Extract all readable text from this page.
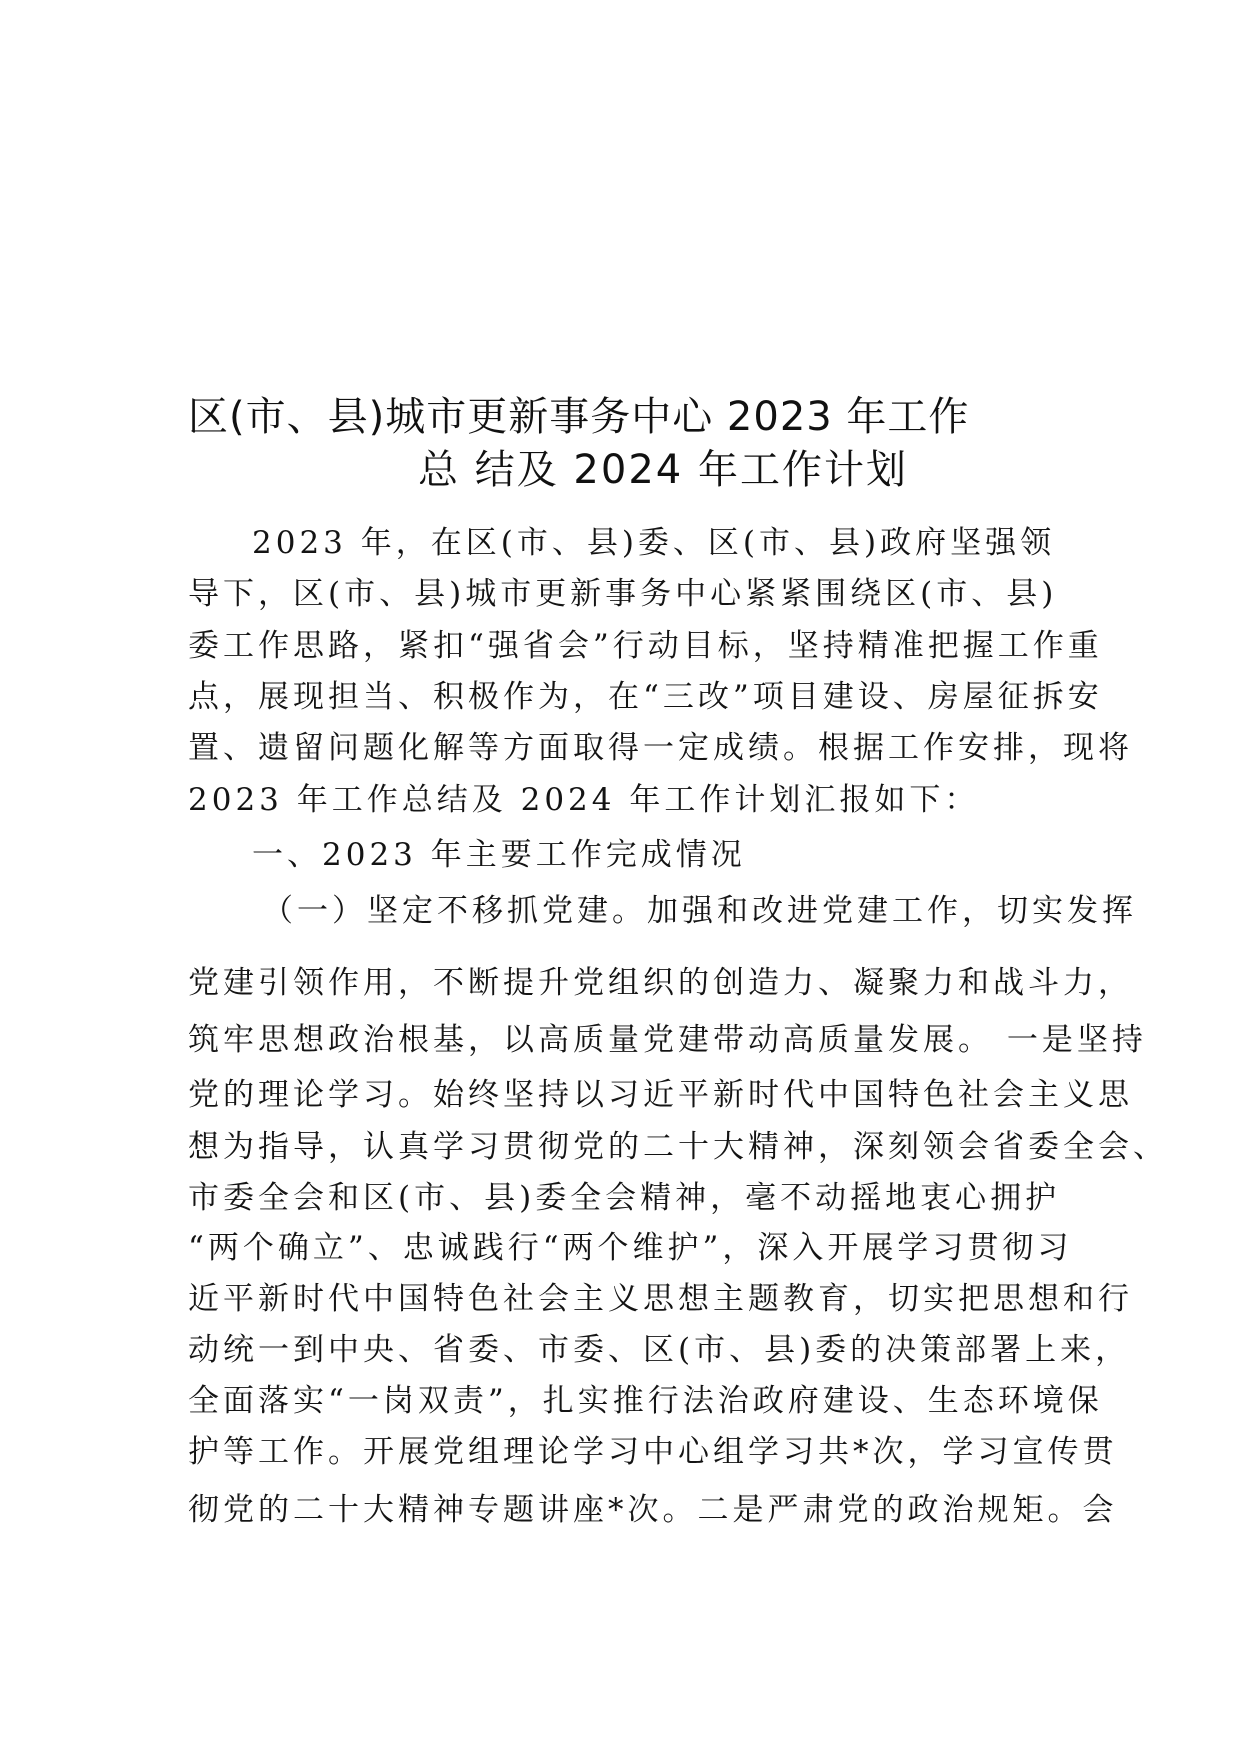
区(市、县)城市更新事务中心 2023 年工作
总 结及 2024 年工作计划
2023 年，在区(市、县)委、区(市、县)政府坚强领
导下，区(市、县)城市更新事务中心紧紧围绕区(市、县)
委工作思路，紧扣“强省会”行动目标，坚持精准把握工作重
点，展现担当、积极作为，在“三改”项目建设、房屋征拆安
置、遗留问题化解等方面取得一定成绩。根据工作安排，现将
2023 年工作总结及 2024 年工作计划汇报如下：
一、2023 年主要工作完成情况
（一）坚定不移抓党建。加强和改进党建工作，切实发挥
党建引领作用，不断提升党组织的创造力、凝聚力和战斗力，
筑牢思想政治根基，以高质量党建带动高质量发展。 一是坚持
党的理论学习。始终坚持以习近平新时代中国特色社会主义思
想为指导，认真学习贯彻党的二十大精神，深刻领会省委全会、
市委全会和区(市、县)委全会精神，毫不动摇地衷心拥护
“两个确立”、忠诚践行“两个维护”，深入开展学习贯彻习
近平新时代中国特色社会主义思想主题教育，切实把思想和行
动统一到中央、省委、市委、区(市、县)委的决策部署上来，
全面落实“一岗双责”，扎实推行法治政府建设、生态环境保
护等工作。开展党组理论学习中心组学习共*次，学习宣传贯
彻党的二十大精神专题讲座*次。二是严肃党的政治规矩。会
